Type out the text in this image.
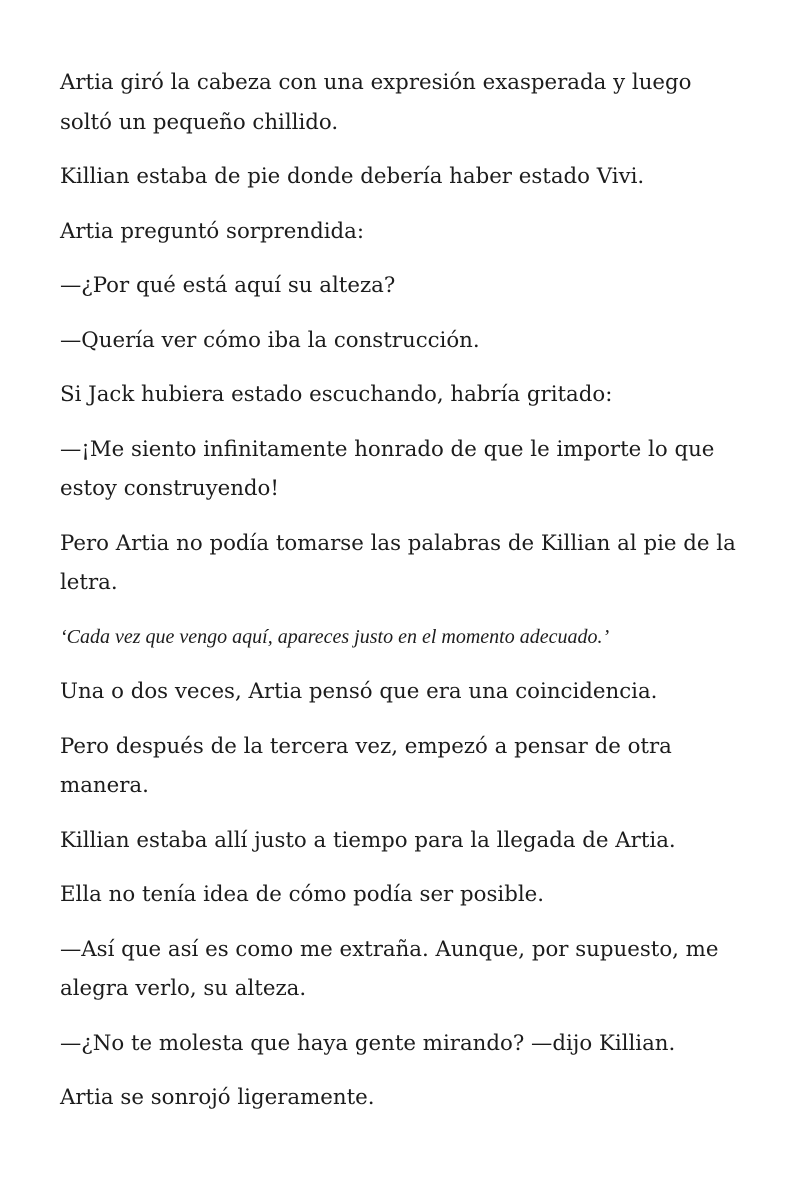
Artia giró la cabeza con una expresión exasperada y luego soltó un pequeño chillido.

Killian estaba de pie donde debería haber estado Vivi.

Artia preguntó sorprendida:

—¿Por qué está aquí su alteza?

—Quería ver cómo iba la construcción.

Si Jack hubiera estado escuchando, habría gritado:

—¡Me siento infinitamente honrado de que le importe lo que estoy construyendo!

Pero Artia no podía tomarse las palabras de Killian al pie de la letra.

‘Cada vez que vengo aquí, apareces justo en el momento adecuado.’

Una o dos veces, Artia pensó que era una coincidencia.

Pero después de la tercera vez, empezó a pensar de otra manera.

Killian estaba allí justo a tiempo para la llegada de Artia.

Ella no tenía idea de cómo podía ser posible.

—Así que así es como me extraña. Aunque, por supuesto, me alegra verlo, su alteza.

—¿No te molesta que haya gente mirando? —dijo Killian.

Artia se sonrojó ligeramente.
